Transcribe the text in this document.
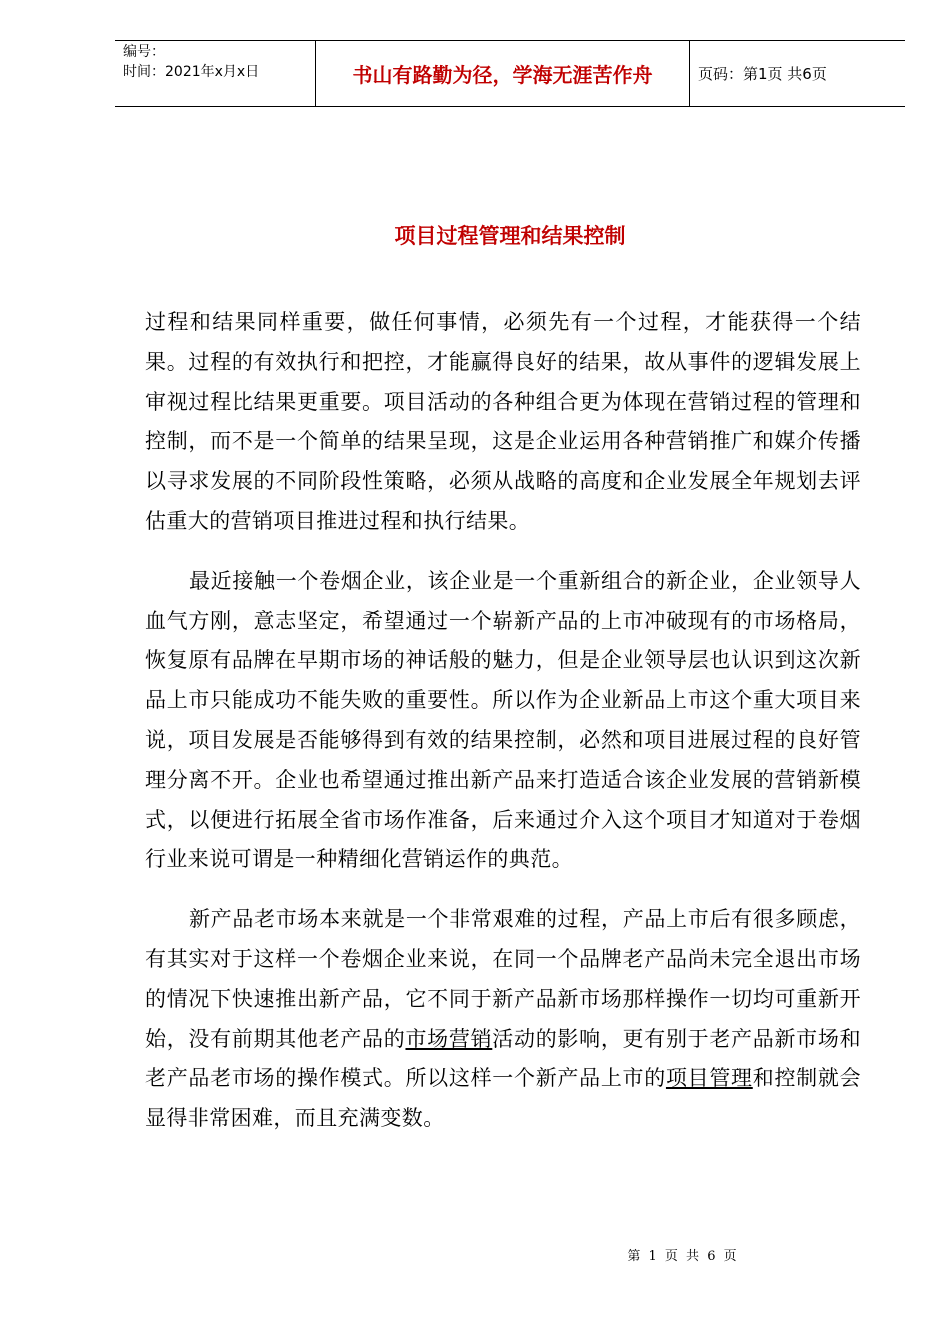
编号：
时间：2021年x月x日	书山有路勤为径，学海无涯苦作舟	页码：第1页 共6页
项目过程管理和结果控制

过程和结果同样重要，做任何事情，必须先有一个过程，才能获得一个结果。过程的有效执行和把控，才能赢得良好的结果，故从事件的逻辑发展上审视过程比结果更重要。项目活动的各种组合更为体现在营销过程的管理和控制，而不是一个简单的结果呈现，这是企业运用各种营销推广和媒介传播以寻求发展的不同阶段性策略，必须从战略的高度和企业发展全年规划去评估重大的营销项目推进过程和执行结果。

最近接触一个卷烟企业，该企业是一个重新组合的新企业，企业领导人血气方刚，意志坚定，希望通过一个崭新产品的上市冲破现有的市场格局，恢复原有品牌在早期市场的神话般的魅力，但是企业领导层也认识到这次新品上市只能成功不能失败的重要性。所以作为企业新品上市这个重大项目来说，项目发展是否能够得到有效的结果控制，必然和项目进展过程的良好管理分离不开。企业也希望通过推出新产品来打造适合该企业发展的营销新模式，以便进行拓展全省市场作准备，后来通过介入这个项目才知道对于卷烟行业来说可谓是一种精细化营销运作的典范。

新产品老市场本来就是一个非常艰难的过程，产品上市后有很多顾虑，有其实对于这样一个卷烟企业来说，在同一个品牌老产品尚未完全退出市场的情况下快速推出新产品，它不同于新产品新市场那样操作一切均可重新开始，没有前期其他老产品的市场营销活动的影响，更有别于老产品新市场和老产品老市场的操作模式。所以这样一个新产品上市的项目管理和控制就会显得非常困难，而且充满变数。

第 1 页 共 6 页
